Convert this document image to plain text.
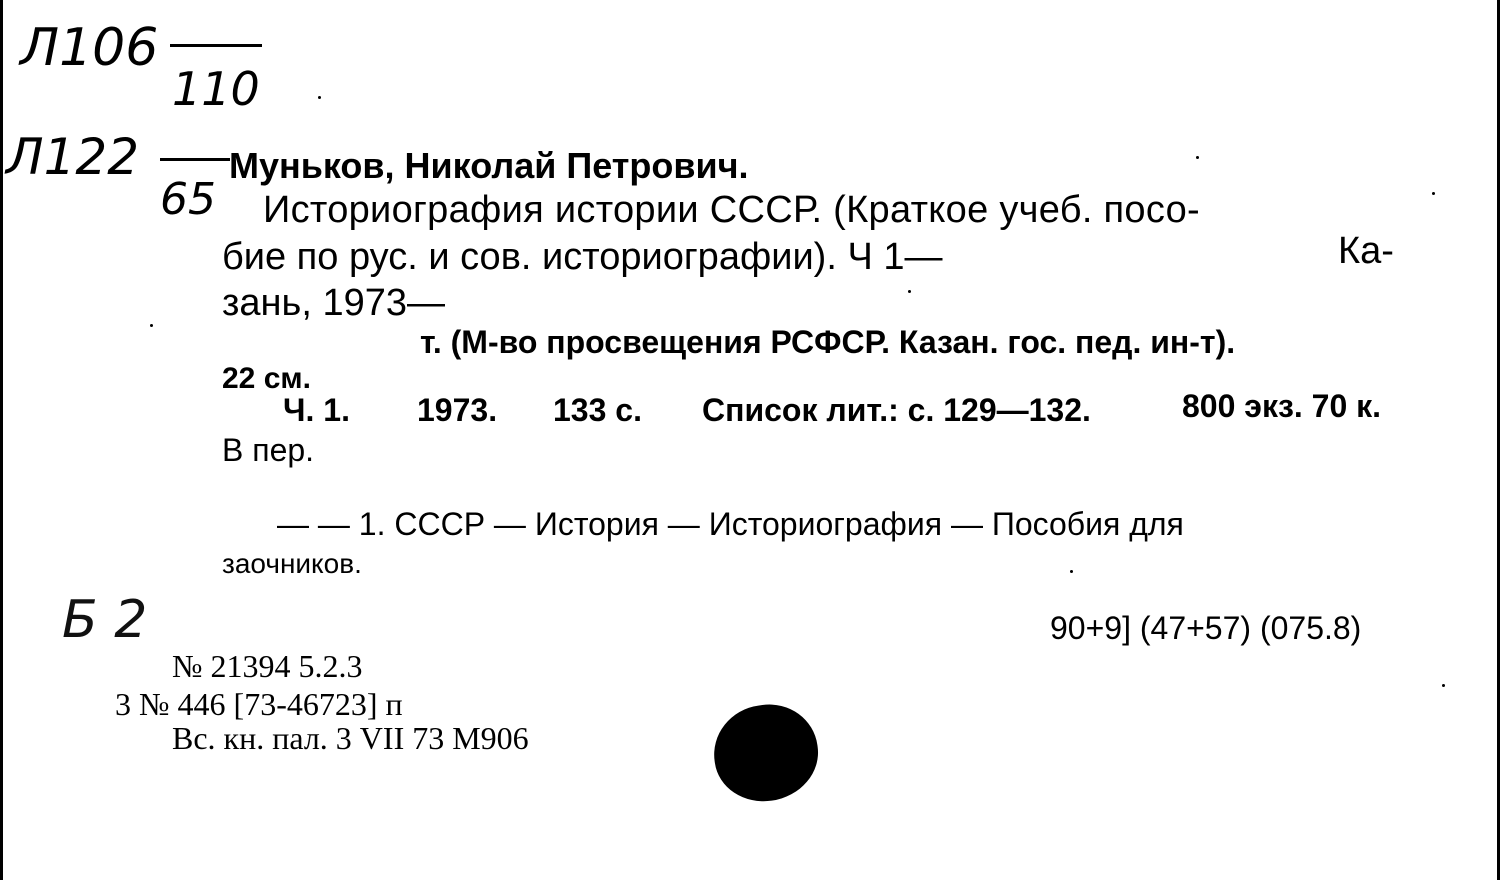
Л106
110
Л122
65
Муньков, Николай Петрович.
Историография истории СССР. (Краткое учеб. посо-
бие по рус. и сов. историографии). Ч 1—	Ка-
зань, 1973—
т. (М-во просвещения РСФСР. Казан. гос. пед. ин-т).
22 см.
Ч. 1. 1973. 133 с. Список лит.: с. 129—132.	800 экз. 70 к.
В пер.
— — 1. СССР — История — Историография — Пособия для
заочников.
90+9] (47+57) (075.8)
Б 2
№ 21394 5.2.3
3 № 446 [73-46723] п
Вс. кн. пал. 3 VII 73 М906
